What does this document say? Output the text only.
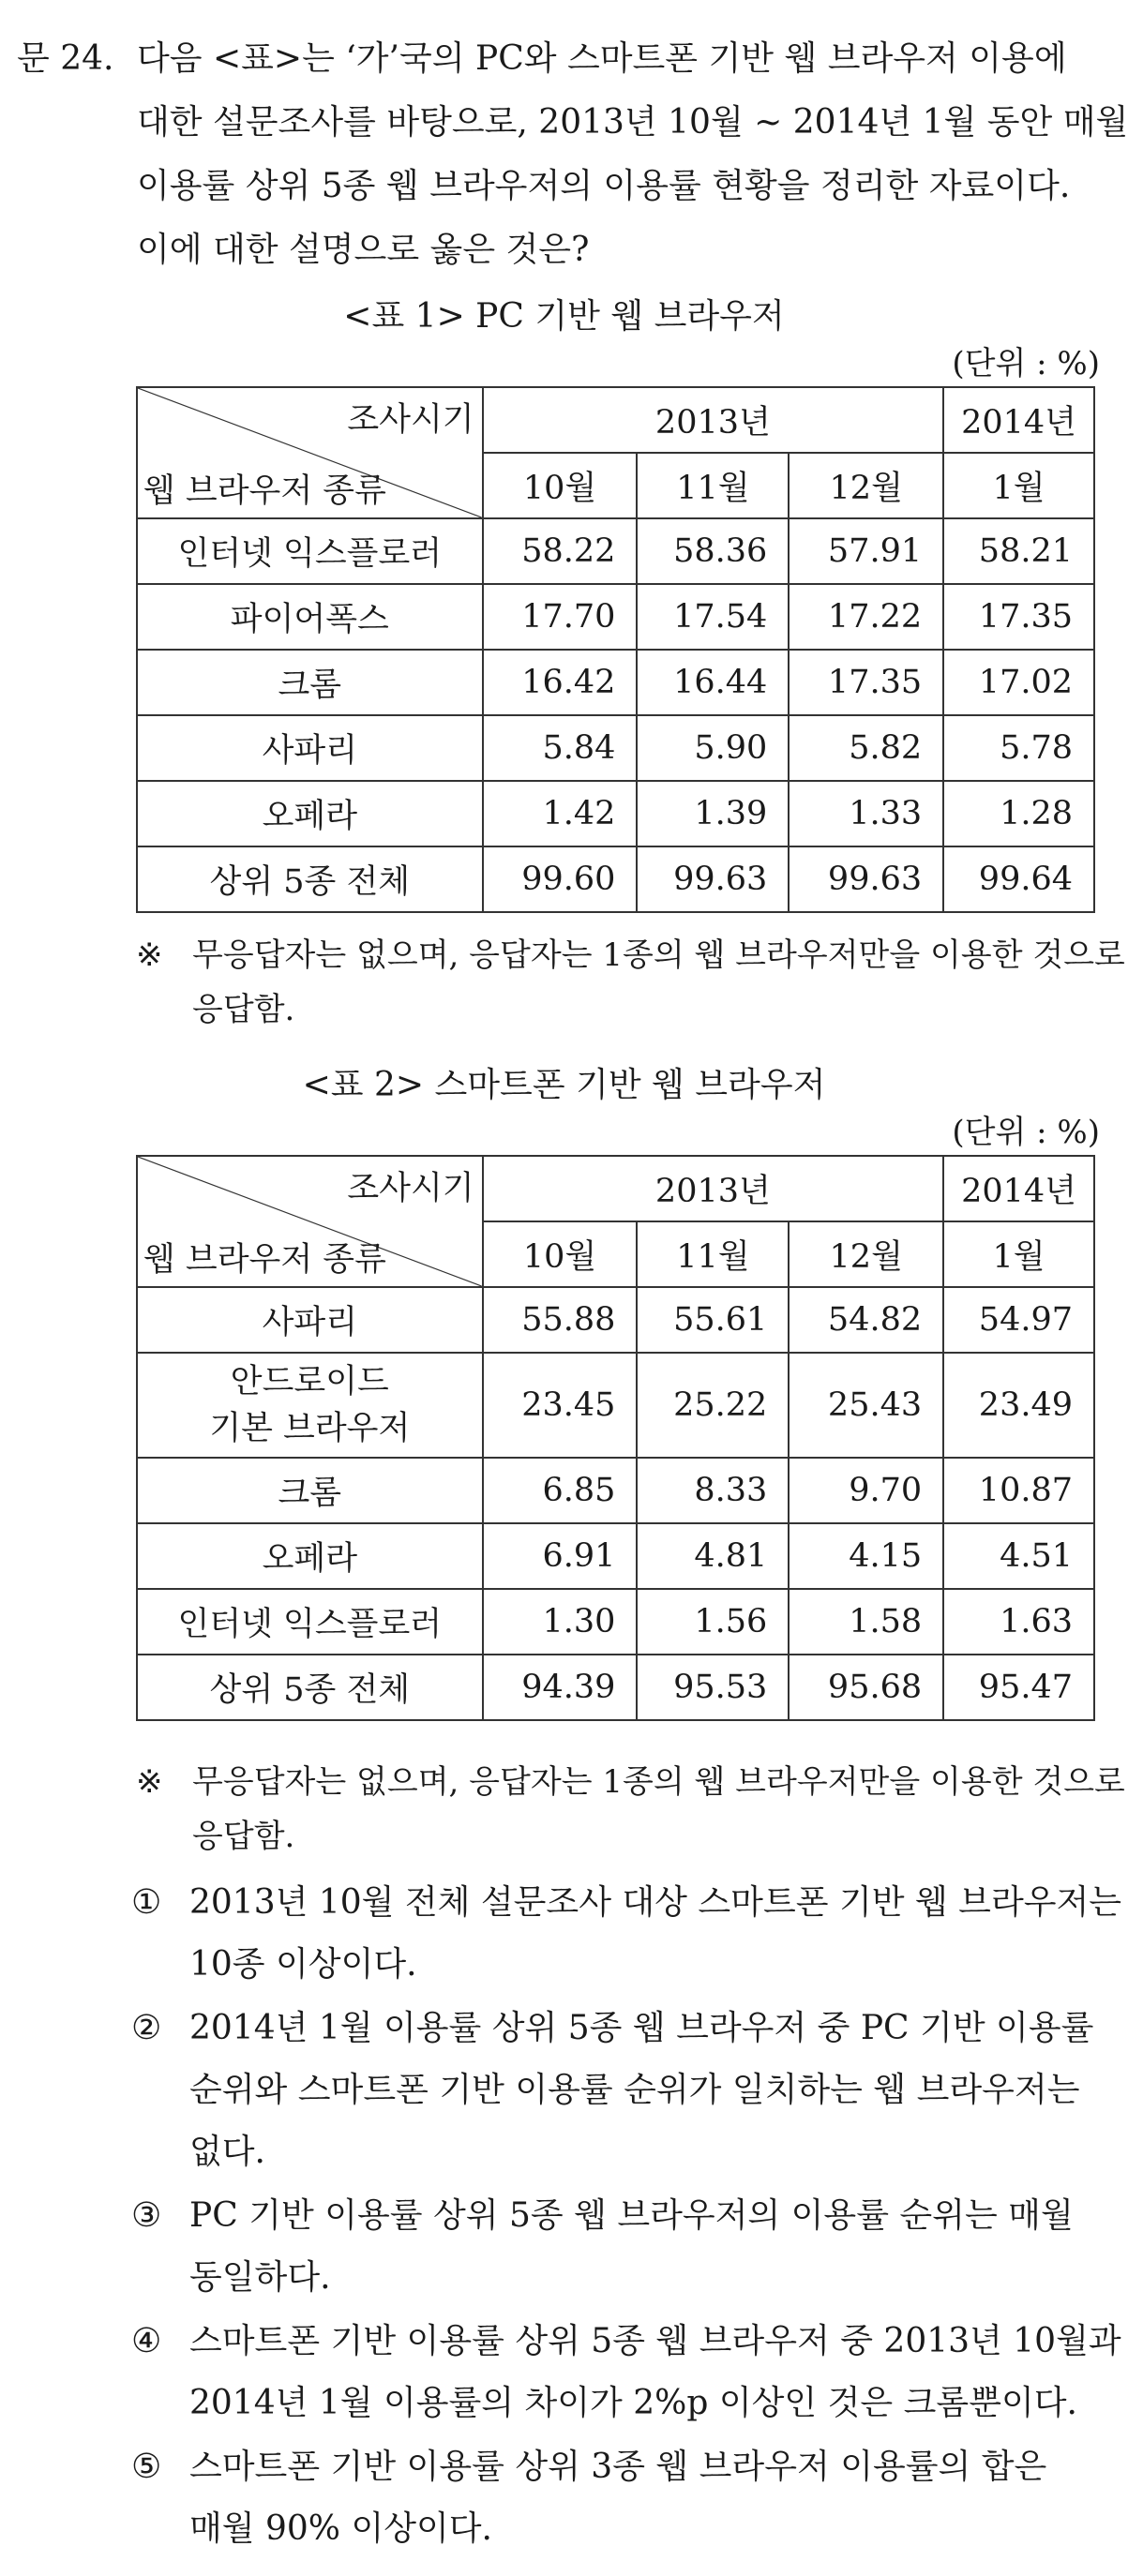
문 24. 다음 <표>는 ‘가’국의 PC와 스마트폰 기반 웹 브라우저 이용에
대한 설문조사를 바탕으로, 2013년 10월 ~ 2014년 1월 동안 매월
이용률 상위 5종 웹 브라우저의 이용률 현황을 정리한 자료이다.
이에 대한 설명으로 옳은 것은?
<표 1> PC 기반 웹 브라우저
(단위 : %)
조사시기
웹 브라우저 종류	2013년			2014년
	10월	11월	12월	1월
인터넷 익스플로러	58.22	58.36	57.91	58.21
파이어폭스	17.70	17.54	17.22	17.35
크롬	16.42	16.44	17.35	17.02
사파리	5.84	5.90	5.82	5.78
오페라	1.42	1.39	1.33	1.28
상위 5종 전체	99.60	99.63	99.63	99.64
※ 무응답자는 없으며, 응답자는 1종의 웹 브라우저만을 이용한 것으로
응답함.
<표 2> 스마트폰 기반 웹 브라우저
(단위 : %)
조사시기
웹 브라우저 종류	2013년			2014년
	10월	11월	12월	1월
사파리	55.88	55.61	54.82	54.97

안드로이드
기본 브라우저	23.45	25.22	25.43	23.49
크롬	6.85	8.33	9.70	10.87
오페라	6.91	4.81	4.15	4.51
인터넷 익스플로러	1.30	1.56	1.58	1.63
상위 5종 전체	94.39	95.53	95.68	95.47
※ 무응답자는 없으며, 응답자는 1종의 웹 브라우저만을 이용한 것으로
응답함.
① 2013년 10월 전체 설문조사 대상 스마트폰 기반 웹 브라우저는
10종 이상이다.
② 2014년 1월 이용률 상위 5종 웹 브라우저 중 PC 기반 이용률
순위와 스마트폰 기반 이용률 순위가 일치하는 웹 브라우저는
없다.
③ PC 기반 이용률 상위 5종 웹 브라우저의 이용률 순위는 매월
동일하다.
④ 스마트폰 기반 이용률 상위 5종 웹 브라우저 중 2013년 10월과
2014년 1월 이용률의 차이가 2%p 이상인 것은 크롬뿐이다.
⑤ 스마트폰 기반 이용률 상위 3종 웹 브라우저 이용률의 합은
매월 90% 이상이다.
